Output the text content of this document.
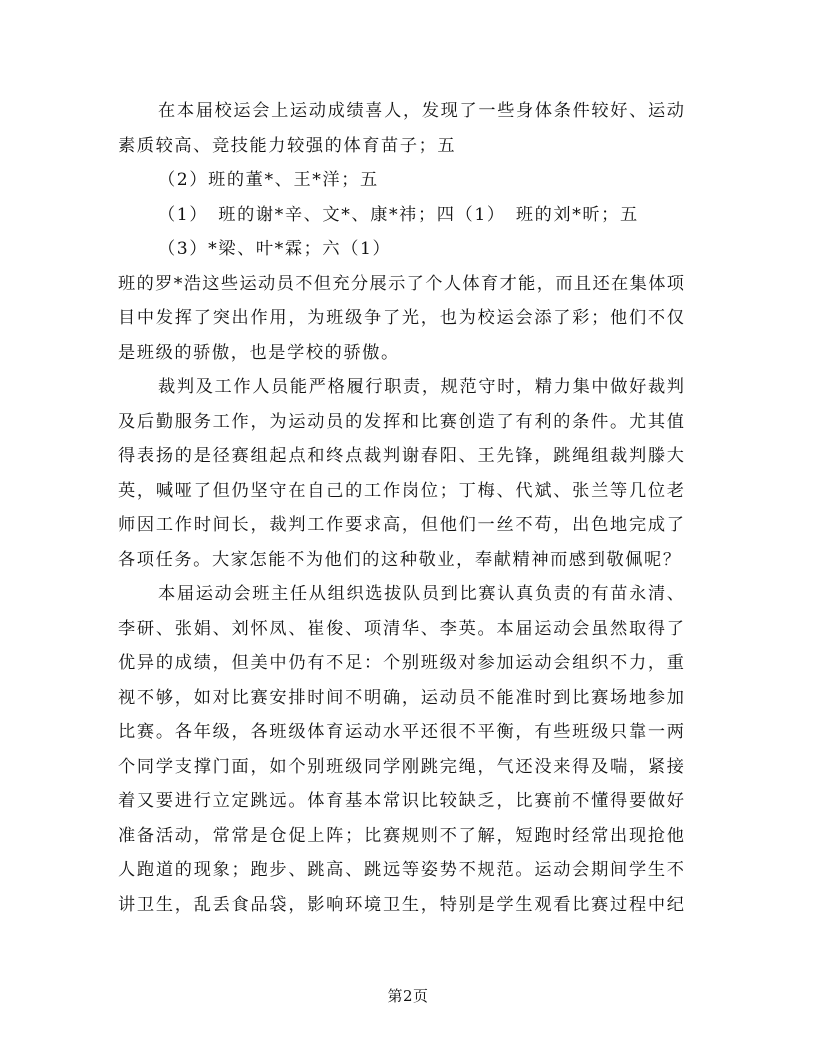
在本届校运会上运动成绩喜人，发现了一些身体条件较好、运动
素质较高、竞技能力较强的体育苗子；五
（2）班的董*、王*洋；五
（1）　班的谢*辛、文*、康*祎；四（1）　班的刘*昕；五
（3）*梁、叶*霖；六（1）
班的罗*浩这些运动员不但充分展示了个人体育才能，而且还在集体项
目中发挥了突出作用，为班级争了光，也为校运会添了彩；他们不仅
是班级的骄傲，也是学校的骄傲。
裁判及工作人员能严格履行职责，规范守时，精力集中做好裁判
及后勤服务工作，为运动员的发挥和比赛创造了有利的条件。尤其值
得表扬的是径赛组起点和终点裁判谢春阳、王先锋，跳绳组裁判滕大
英，喊哑了但仍坚守在自己的工作岗位；丁梅、代斌、张兰等几位老
师因工作时间长，裁判工作要求高，但他们一丝不苟，出色地完成了
各项任务。大家怎能不为他们的这种敬业，奉献精神而感到敬佩呢？
本届运动会班主任从组织选拔队员到比赛认真负责的有苗永清、
李研、张娟、刘怀凤、崔俊、项清华、李英。本届运动会虽然取得了
优异的成绩，但美中仍有不足：个别班级对参加运动会组织不力，重
视不够，如对比赛安排时间不明确，运动员不能准时到比赛场地参加
比赛。各年级，各班级体育运动水平还很不平衡，有些班级只靠一两
个同学支撑门面，如个别班级同学刚跳完绳，气还没来得及喘，紧接
着又要进行立定跳远。体育基本常识比较缺乏，比赛前不懂得要做好
准备活动，常常是仓促上阵；比赛规则不了解，短跑时经常出现抢他
人跑道的现象；跑步、跳高、跳远等姿势不规范。运动会期间学生不
讲卫生，乱丢食品袋，影响环境卫生，特别是学生观看比赛过程中纪
第2页
